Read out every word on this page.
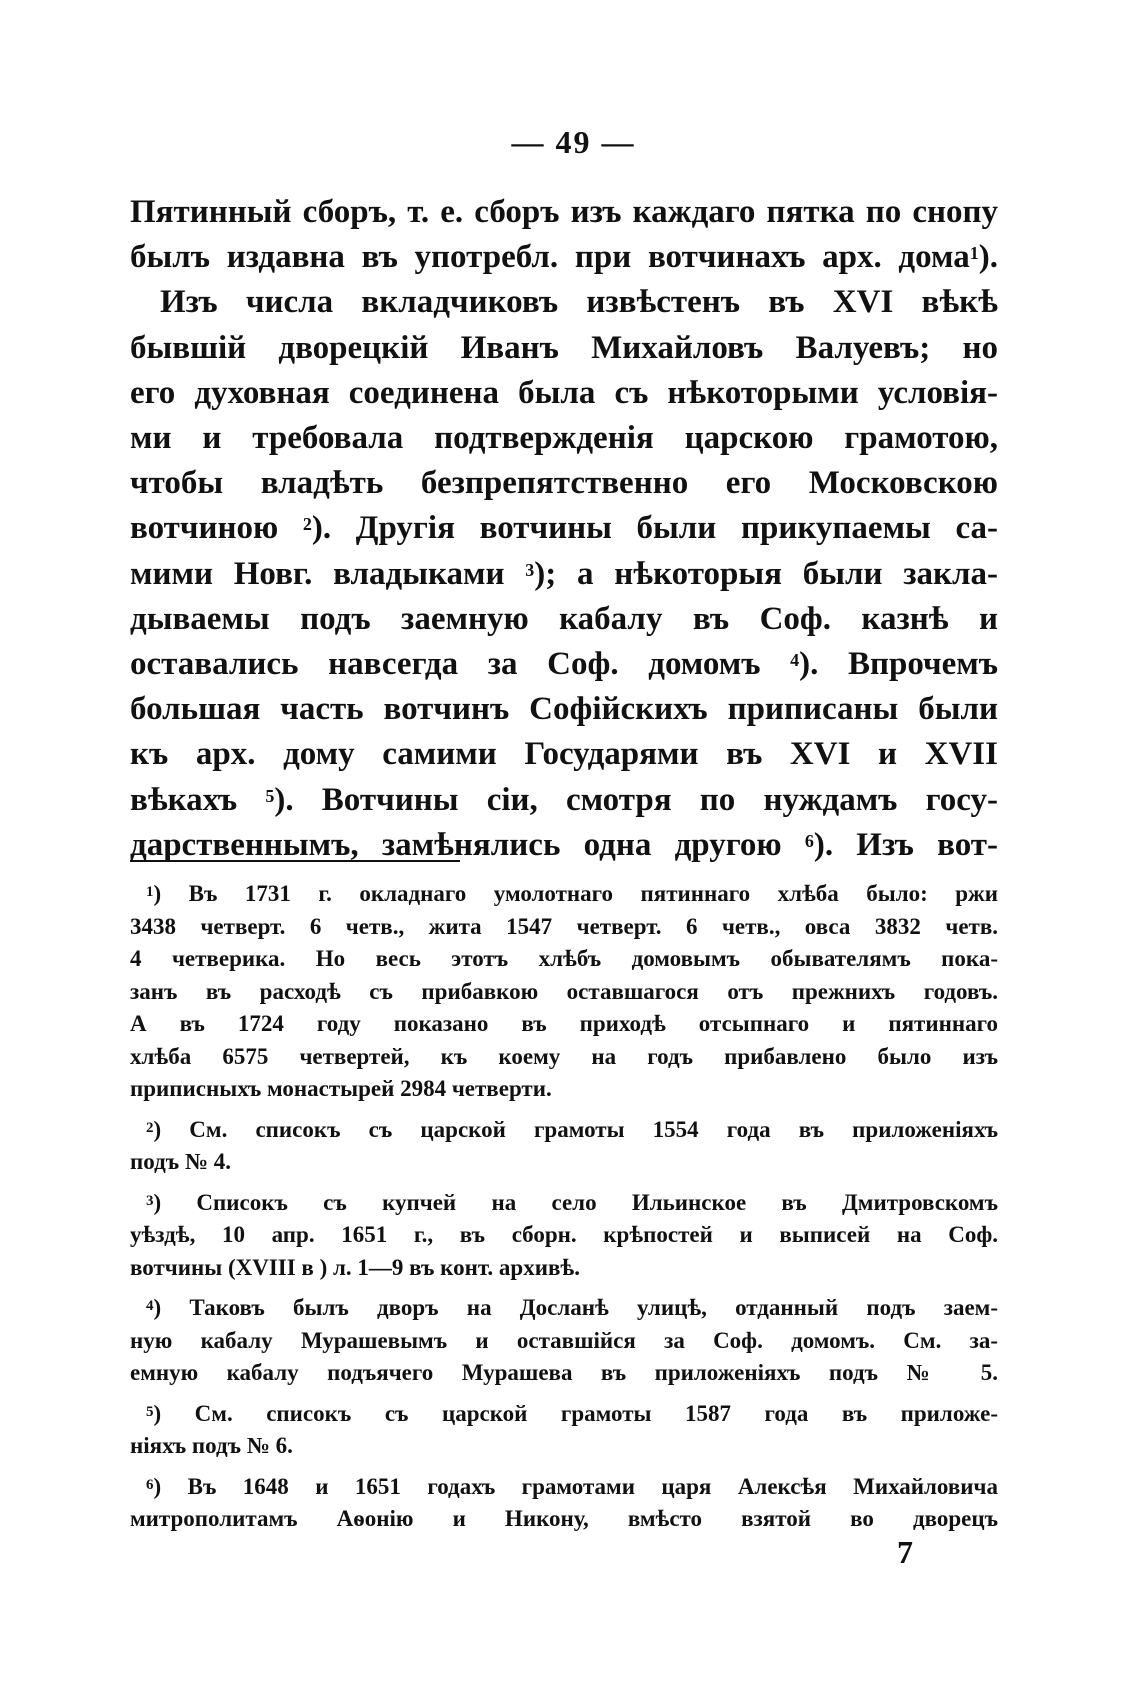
— 49 —

Пятинный сборъ, т. е. сборъ изъ каждаго пятка по снопу
былъ издавна въ употребл. при вотчинахъ арх. дома$^1$).
Изъ числа вкладчиковъ извѣстенъ въ XVI вѣкѣ
бывшій дворецкій Иванъ Михайловъ Валуевъ; но
его духовная соединена была съ нѣкоторыми условія-
ми и требовала подтвержденія царскою грамотою,
чтобы владѣть безпрепятственно его Московскою
вотчиною $^2$). Другія вотчины были прикупаемы са-
мими Новг. владыками $^3$); а нѣкоторыя были закла-
дываемы подъ заемную кабалу въ Соф. казнѣ и
оставались навсегда за Соф. домомъ $^4$). Впрочемъ
большая часть вотчинъ Софійскихъ приписаны были
къ арх. дому самими Государями въ XVI и XVII
вѣкахъ $^5$). Вотчины сіи, смотря по нуждамъ госу-
дарственнымъ, замѣнялись одна другою $^6$). Изъ вот-
$^1$) Въ 1731 г. окладнаго умолотнаго пятиннаго хлѣба было: ржи
3438 четверт. 6 четв., жита 1547 четверт. 6 четв., овса 3832 четв.
4 четверика. Но весь этотъ хлѣбъ домовымъ обывателямъ пока-
занъ въ расходѣ съ прибавкою оставшагося отъ прежнихъ годовъ.
А въ 1724 году показано въ приходѣ отсыпнаго и пятиннаго
хлѣба 6575 четвертей, къ коему на годъ прибавлено было изъ
приписныхъ монастырей 2984 четверти.
$^2$) См. списокъ съ царской грамоты 1554 года въ приложеніяхъ
подъ № 4.
$^3$) Списокъ съ купчей на село Ильинское въ Дмитровскомъ
уѣздѣ, 10 апр. 1651 г., въ сборн. крѣпостей и выписей на Соф.
вотчины (XVIII в ) л. 1—9 въ конт. архивѣ.
$^4$) Таковъ былъ дворъ на Досланѣ улицѣ, отданный подъ заем-
ную кабалу Мурашевымъ и оставшійся за Соф. домомъ. См. за-
емную кабалу подъячего Мурашева въ приложеніяхъ подъ № 5.
$^5$) См. списокъ съ царской грамоты 1587 года въ приложе-
ніяхъ подъ № 6.
$^6$) Въ 1648 и 1651 годахъ грамотами царя Алексѣя Михайловича
митрополитамъ Аѳонію и Никону, вмѣсто взятой во дворецъ

7
